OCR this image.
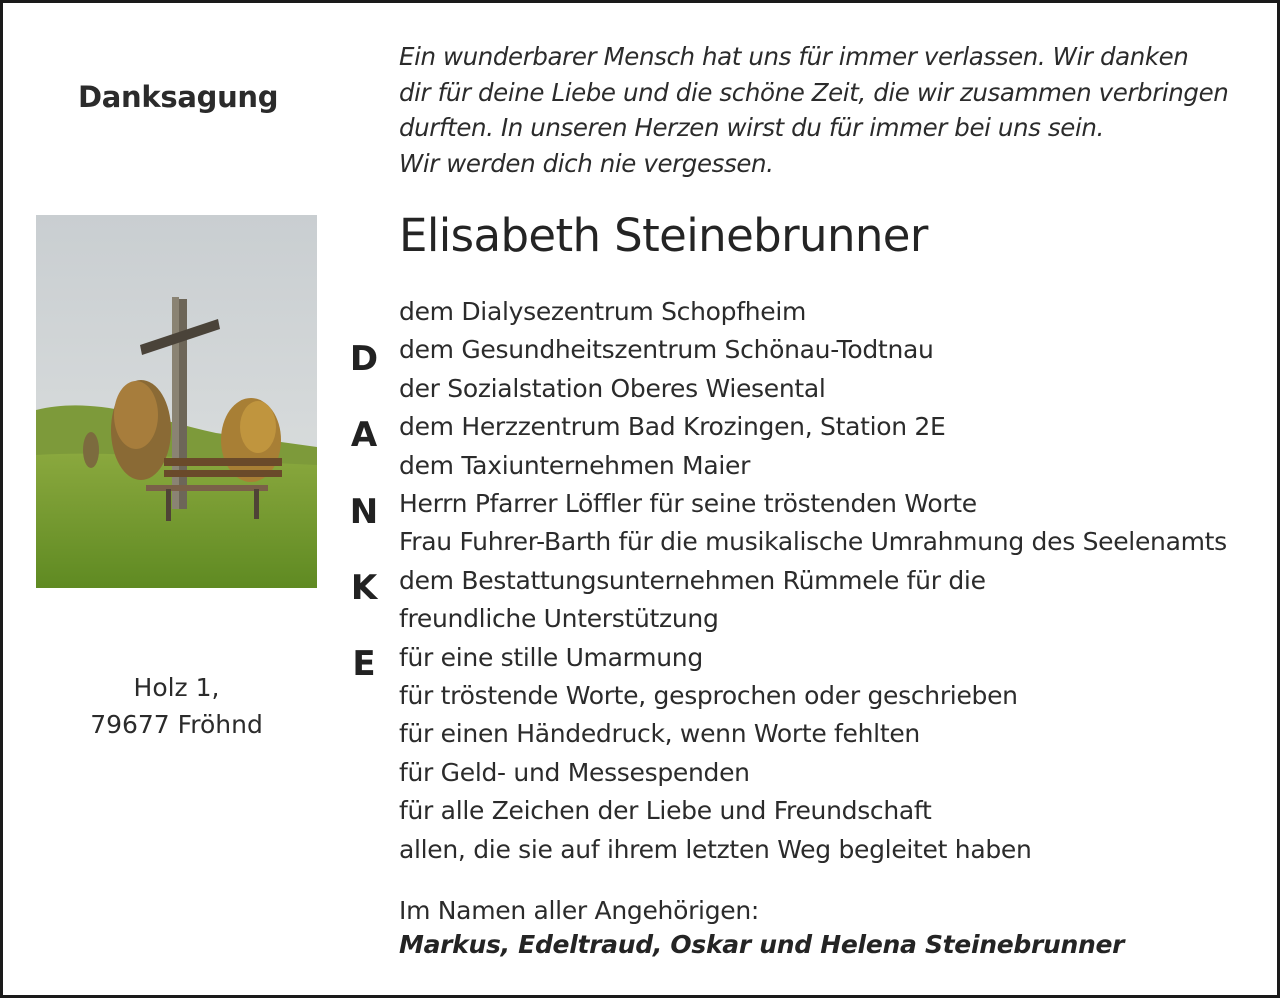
Danksagung
Ein wunderbarer Mensch hat uns für immer verlassen. Wir danken
dir für deine Liebe und die schöne Zeit, die wir zusammen verbringen
durften. In unseren Herzen wirst du für immer bei uns sein.
Wir werden dich nie vergessen.
Elisabeth Steinebrunner
Holz 1,
79677 Fröhnd
D
A
N
K
E
dem Dialysezentrum Schopfheim
dem Gesundheitszentrum Schönau-Todtnau
der Sozialstation Oberes Wiesental
dem Herzzentrum Bad Krozingen, Station 2E
dem Taxiunternehmen Maier
Herrn Pfarrer Löffler für seine tröstenden Worte
Frau Fuhrer-Barth für die musikalische Umrahmung des Seelenamts
dem Bestattungsunternehmen Rümmele für die
freundliche Unterstützung
für eine stille Umarmung
für tröstende Worte, gesprochen oder geschrieben
für einen Händedruck, wenn Worte fehlten
für Geld- und Messespenden
für alle Zeichen der Liebe und Freundschaft
allen, die sie auf ihrem letzten Weg begleitet haben
Im Namen aller Angehörigen:
Markus, Edeltraud, Oskar und Helena Steinebrunner
